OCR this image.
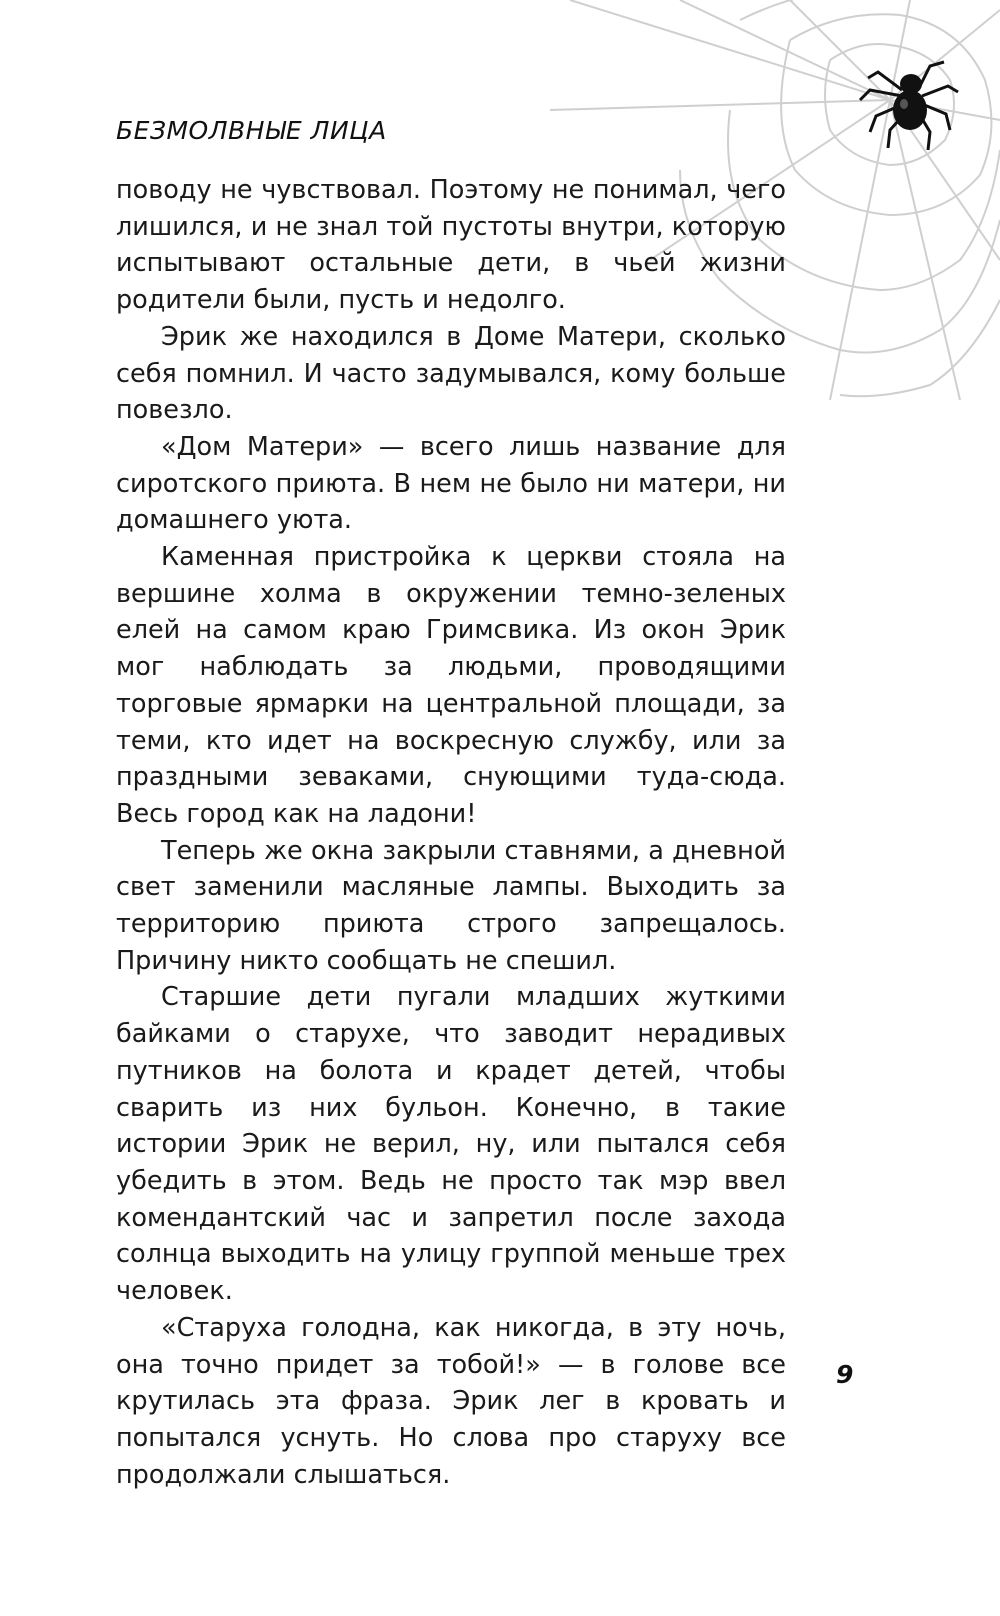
БЕЗМОЛВНЫЕ ЛИЦА

поводу не чувствовал. Поэтому не понимал, чего лишился, и не знал той пустоты внутри, которую испытывают остальные дети, в чьей жизни родители были, пусть и недолго.

Эрик же находился в Доме Матери, сколько себя помнил. И часто задумывался, кому больше повезло.

«Дом Матери» — всего лишь название для сиротского приюта. В нем не было ни матери, ни домашнего уюта.

Каменная пристройка к церкви стояла на вершине холма в окружении темно-зеленых елей на самом краю Гримсвика. Из окон Эрик мог наблюдать за людьми, проводящими торговые ярмарки на центральной площади, за теми, кто идет на воскресную службу, или за праздными зеваками, снующими туда-сюда. Весь город как на ладони!

Теперь же окна закрыли ставнями, а дневной свет заменили масляные лампы. Выходить за территорию приюта строго запрещалось. Причину никто сообщать не спешил.

Старшие дети пугали младших жуткими байками о старухе, что заводит нерадивых путников на болота и крадет детей, чтобы сварить из них бульон. Конечно, в такие истории Эрик не верил, ну, или пытался себя убедить в этом. Ведь не просто так мэр ввел комендантский час и запретил после захода солнца выходить на улицу группой меньше трех человек.

«Старуха голодна, как никогда, в эту ночь, она точно придет за тобой!» — в голове все крутилась эта фраза. Эрик лег в кровать и попытался уснуть. Но слова про старуху все продолжали слышаться.

9
